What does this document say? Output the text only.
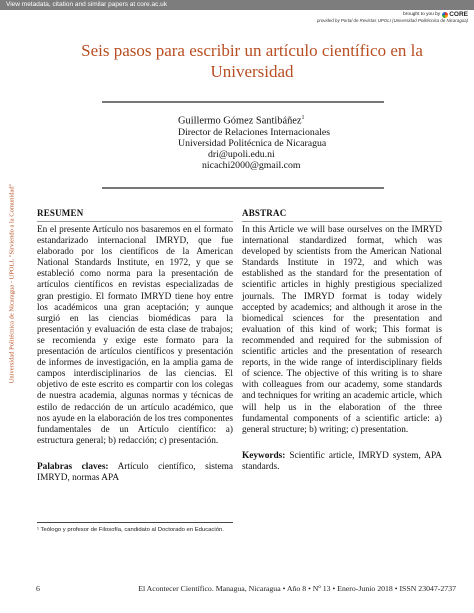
View metadata, citation and similar papers at core.ac.uk
brought to you by CORE
provided by Portal de Revistas UPOLI (Universidad Politécnica de Nicaragua)
Seis pasos para escribir un artículo científico en la Universidad
Guillermo Gómez Santibáñez$^1$
Director de Relaciones Internacionales
Universidad Politécnica de Nicaragua
dri@upoli.edu.ni
nicachi2000@gmail.com
Universidad Politécnica de Nicaragua - UPOLI. "Sirviendo a la Comunidad" RESUMEN

En el presente Artículo nos basaremos en el formato estandarizado internacional IMRYD, que fue elaborado por los científicos de la American National Standards Institute, en 1972, y que se estableció como norma para la presentación de artículos científicos en revistas especializadas de gran prestigio. El formato IMRYD tiene hoy entre los académicos una gran aceptación; y aunque surgió en las ciencias biomédicas para la presentación y evaluación de esta clase de trabajos; se recomienda y exige este formato para la presentación de artículos científicos y presentación de informes de investigación, en la amplia gama de campos interdisciplinarios de las ciencias. El objetivo de este escrito es compartir con los colegas de nuestra academia, algunas normas y técnicas de estilo de redacción de un artículo académico, que nos ayude en la elaboración de los tres componentes fundamentales de un Artículo científico: a) estructura general; b) redacción; c) presentación.

Palabras claves: Artículo científico, sistema IMRYD, normas APA

ABSTRAC

In this Article we will base ourselves on the IMRYD international standardized format, which was developed by scientists from the American National Standards Institute in 1972, and which was established as the standard for the presentation of scientific articles in highly prestigious specialized journals. The IMRYD format is today widely accepted by academics; and although it arose in the biomedical sciences for the presentation and evaluation of this kind of work; This format is recommended and required for the submission of scientific articles and the presentation of research reports, in the wide range of interdisciplinary fields of science. The objective of this writing is to share with colleagues from our academy, some standards and techniques for writing an academic article, which will help us in the elaboration of the three fundamental components of a scientific article: a) general structure; b) writing; c) presentation.

Keywords: Scientific article, IMRYD system, APA standards.

¹ Teólogo y profesor de Filosofía, candidato al Doctorado en Educación.
6	El Acontecer Científico. Managua, Nicaragua • Año 8 • Nº 13 • Enero-Junio 2018 • ISSN 23047-2737
